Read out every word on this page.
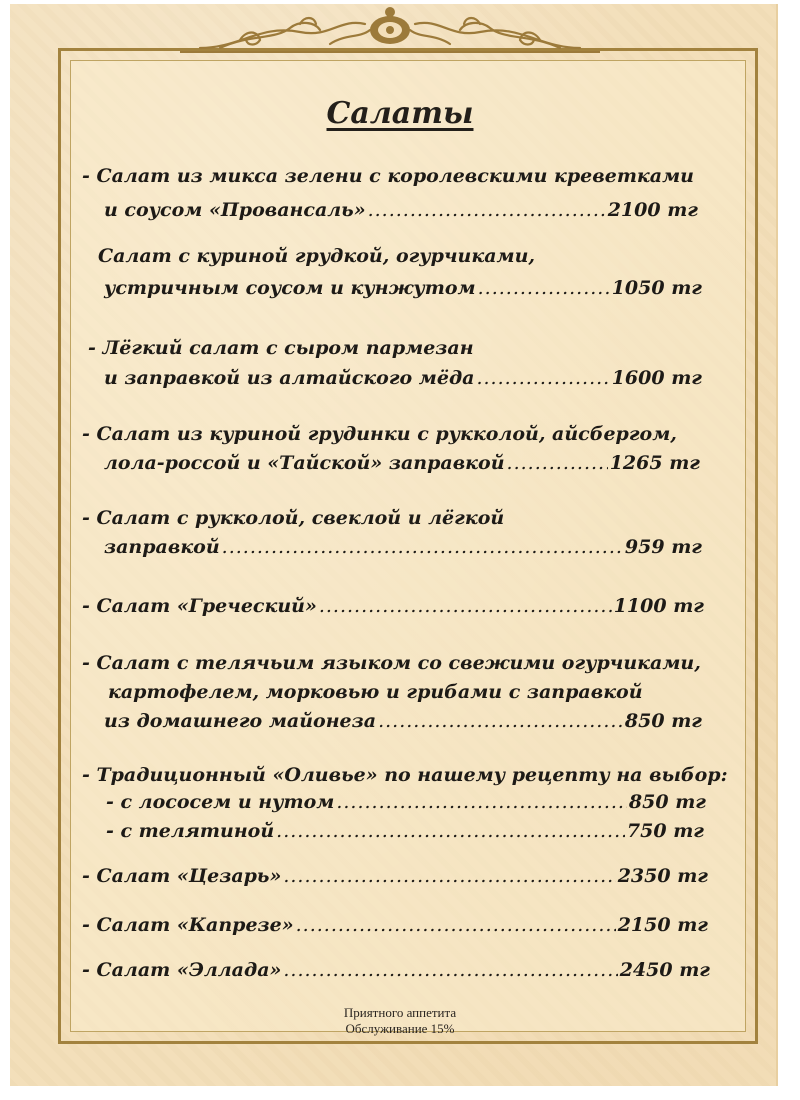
Салаты
- Салат из микса зелени с королевскими креветками
и соусом «Провансаль» .....	2100 тг
Салат с куриной грудкой, огурчиками,
устричным соусом и кунжутом .....	1050 тг
- Лёгкий салат с сыром пармезан
и заправкой из алтайского мёда .....	1600 тг
- Салат из куриной грудинки с рукколой, айсбергом,
лола-россой и «Тайской» заправкой .....	1265 тг
- Салат с рукколой, свеклой и лёгкой
заправкой .....	959 тг
- Салат «Греческий» .....	1100 тг
- Салат с телячьим языком со свежими огурчиками,
картофелем, морковью и грибами с заправкой
из домашнего майонеза .....	850 тг
- Традиционный «Оливье» по нашему рецепту на выбор:
- с лососем и нутом .....	850 тг
- с телятиной .....	750 тг
- Салат «Цезарь» .....	2350 тг
- Салат «Капрезе» .....	2150 тг
- Салат «Эллада» .....	2450 тг
Приятного аппетита
Обслуживание 15%
